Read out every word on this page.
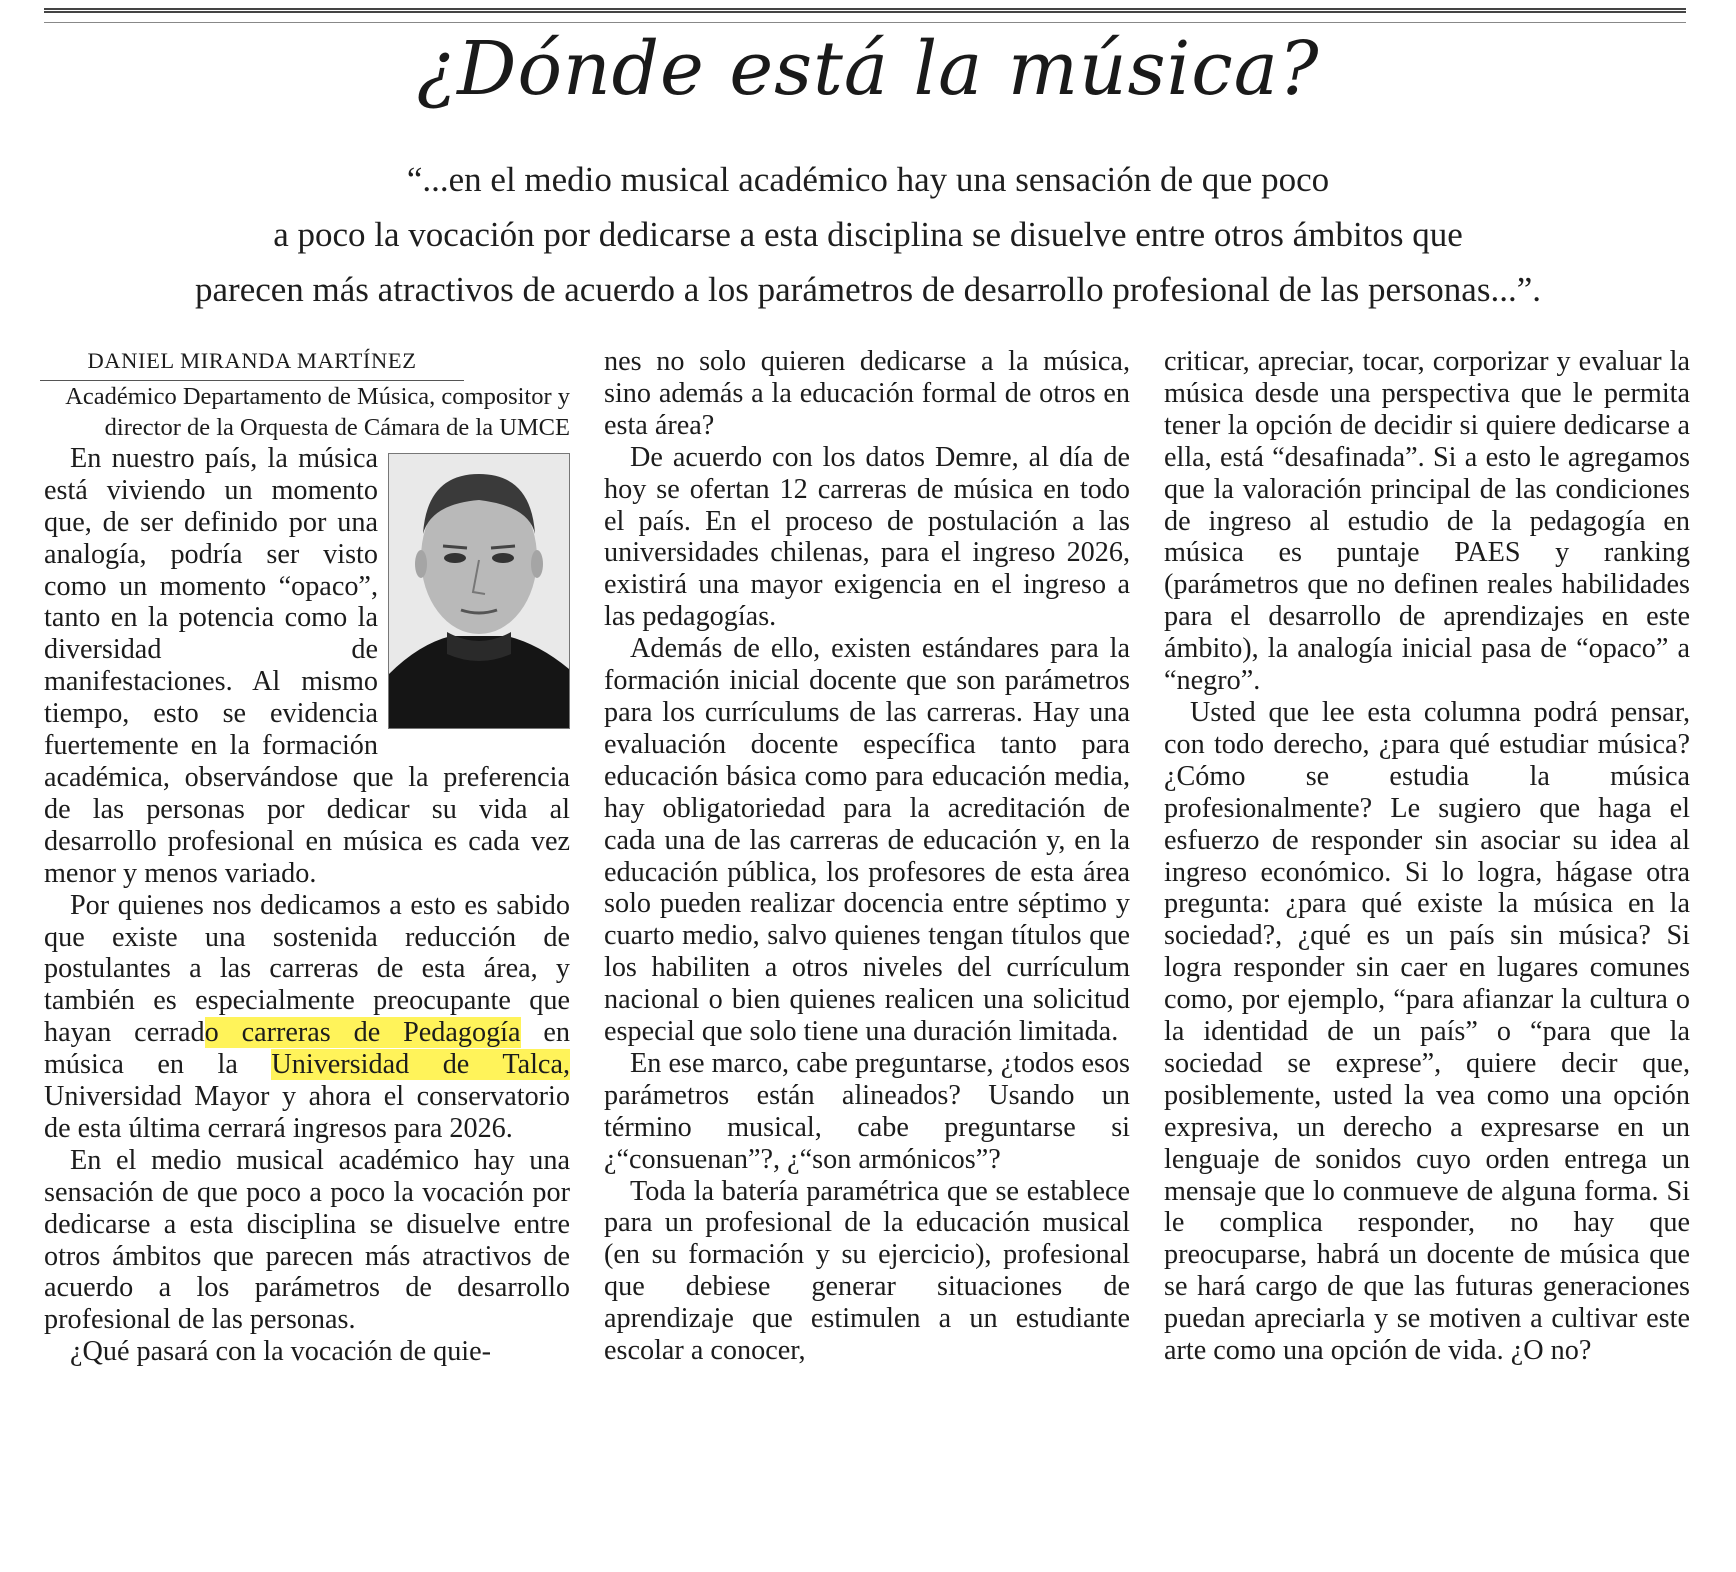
¿Dónde está la música?
“...en el medio musical académico hay una sensación de que poco
a poco la vocación por dedicarse a esta disciplina se disuelve entre otros ámbitos que
parecen más atractivos de acuerdo a los parámetros de desarrollo profesional de las personas...”.
DANIEL MIRANDA MARTÍNEZ

Académico Departamento de Música, compositor y director de la Orquesta de Cámara de la UMCE

En nuestro país, la música está viviendo un momento que, de ser definido por una analogía, podría ser visto como un momento “opaco”, tanto en la potencia como la diversidad de manifestaciones. Al mismo tiempo, esto se evidencia fuertemente en la formación académica, observándose que la preferencia de las personas por dedicar su vida al desarrollo profesional en música es cada vez menor y menos variado.

Por quienes nos dedicamos a esto es sabido que existe una sostenida reducción de postulantes a las carreras de esta área, y también es especialmente preocupante que hayan cerrado carreras de Pedagogía en música en la Universidad de Talca, Universidad Mayor y ahora el conservatorio de esta última cerrará ingresos para 2026.

En el medio musical académico hay una sensación de que poco a poco la vocación por dedicarse a esta disciplina se disuelve entre otros ámbitos que parecen más atractivos de acuerdo a los parámetros de desarrollo profesional de las personas.

¿Qué pasará con la vocación de quie-

nes no solo quieren dedicarse a la música, sino además a la educación formal de otros en esta área?

De acuerdo con los datos Demre, al día de hoy se ofertan 12 carreras de música en todo el país. En el proceso de postulación a las universidades chilenas, para el ingreso 2026, existirá una mayor exigencia en el ingreso a las pedagogías.

Además de ello, existen estándares para la formación inicial docente que son parámetros para los currículums de las carreras. Hay una evaluación docente específica tanto para educación básica como para educación media, hay obligatoriedad para la acreditación de cada una de las carreras de educación y, en la educación pública, los profesores de esta área solo pueden realizar docencia entre séptimo y cuarto medio, salvo quienes tengan títulos que los habiliten a otros niveles del currículum nacional o bien quienes realicen una solicitud especial que solo tiene una duración limitada.

En ese marco, cabe preguntarse, ¿todos esos parámetros están alineados? Usando un término musical, cabe preguntarse si ¿“consuenan”?, ¿“son armónicos”?

Toda la batería paramétrica que se establece para un profesional de la educación musical (en su formación y su ejercicio), profesional que debiese generar situaciones de aprendizaje que estimulen a un estudiante escolar a conocer,

criticar, apreciar, tocar, corporizar y evaluar la música desde una perspectiva que le permita tener la opción de decidir si quiere dedicarse a ella, está “desafinada”. Si a esto le agregamos que la valoración principal de las condiciones de ingreso al estudio de la pedagogía en música es puntaje PAES y ranking (parámetros que no definen reales habilidades para el desarrollo de aprendizajes en este ámbito), la analogía inicial pasa de “opaco” a “negro”.

Usted que lee esta columna podrá pensar, con todo derecho, ¿para qué estudiar música? ¿Cómo se estudia la música profesionalmente? Le sugiero que haga el esfuerzo de responder sin asociar su idea al ingreso económico. Si lo logra, hágase otra pregunta: ¿para qué existe la música en la sociedad?, ¿qué es un país sin música? Si logra responder sin caer en lugares comunes como, por ejemplo, “para afianzar la cultura o la identidad de un país” o “para que la sociedad se exprese”, quiere decir que, posiblemente, usted la vea como una opción expresiva, un derecho a expresarse en un lenguaje de sonidos cuyo orden entrega un mensaje que lo conmueve de alguna forma. Si le complica responder, no hay que preocuparse, habrá un docente de música que se hará cargo de que las futuras generaciones puedan apreciarla y se motiven a cultivar este arte como una opción de vida. ¿O no?
